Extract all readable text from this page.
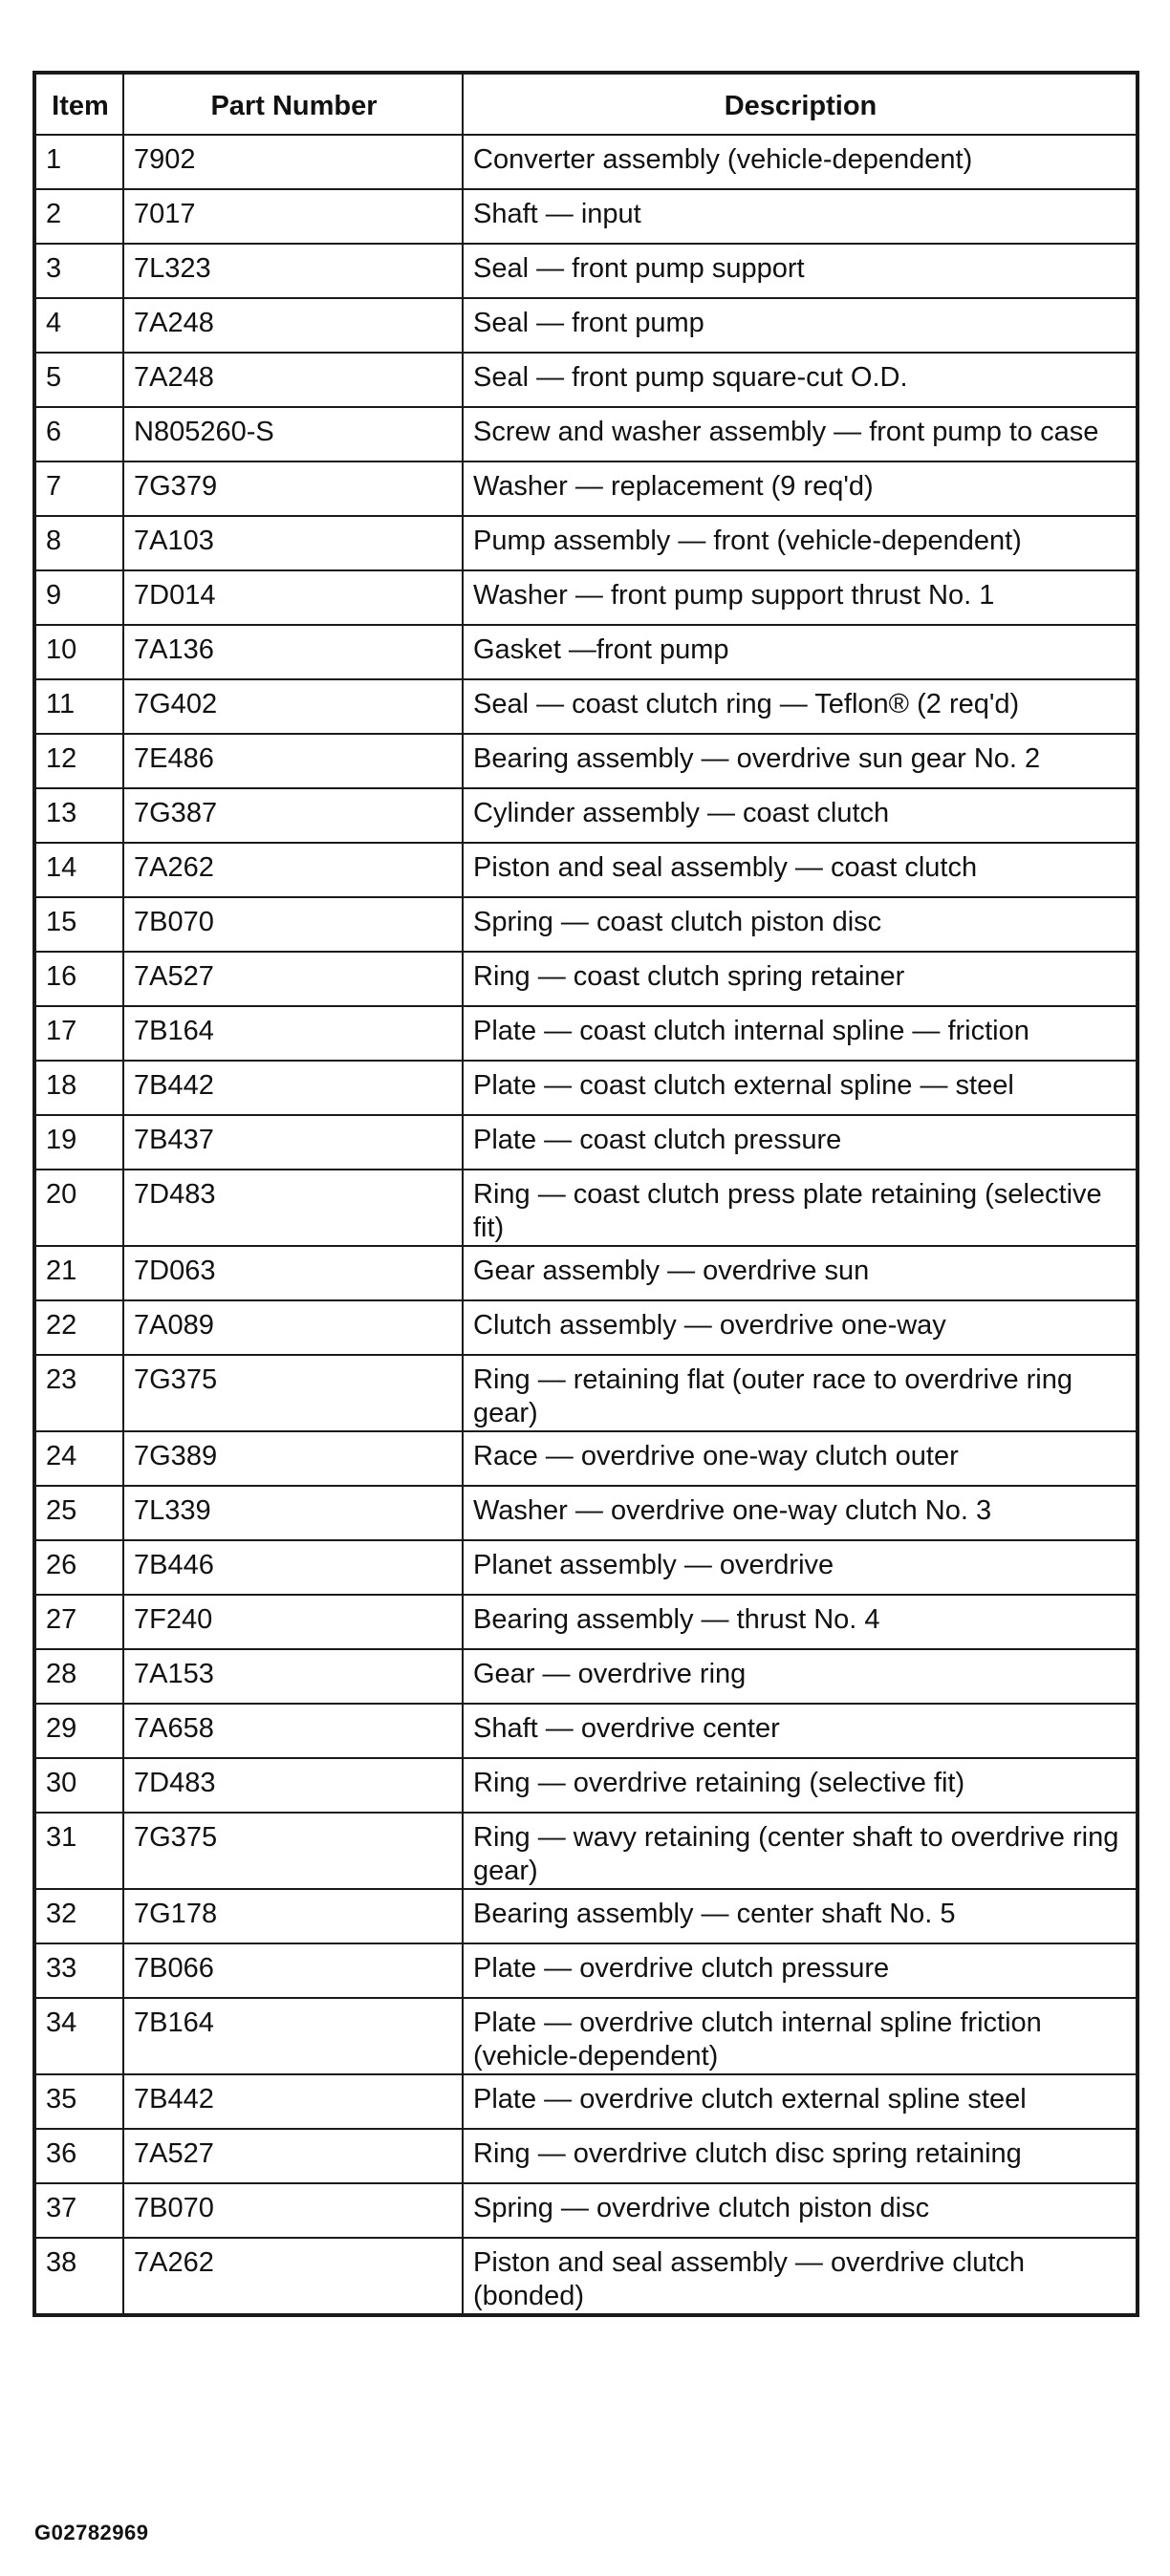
Item	Part Number	Description
1	7902	Converter assembly (vehicle-dependent)
2	7017	Shaft — input
3	7L323	Seal — front pump support
4	7A248	Seal — front pump
5	7A248	Seal — front pump square-cut O.D.
6	N805260-S	Screw and washer assembly — front pump to case
7	7G379	Washer — replacement (9 req'd)
8	7A103	Pump assembly — front (vehicle-dependent)
9	7D014	Washer — front pump support thrust No. 1
10	7A136	Gasket —front pump
11	7G402	Seal — coast clutch ring — Teflon® (2 req'd)
12	7E486	Bearing assembly — overdrive sun gear No. 2
13	7G387	Cylinder assembly — coast clutch
14	7A262	Piston and seal assembly — coast clutch
15	7B070	Spring — coast clutch piston disc
16	7A527	Ring — coast clutch spring retainer
17	7B164	Plate — coast clutch internal spline — friction
18	7B442	Plate — coast clutch external spline — steel
19	7B437	Plate — coast clutch pressure
20	7D483	Ring — coast clutch press plate retaining (selective fit)
21	7D063	Gear assembly — overdrive sun
22	7A089	Clutch assembly — overdrive one-way
23	7G375	Ring — retaining flat (outer race to overdrive ring gear)
24	7G389	Race — overdrive one-way clutch outer
25	7L339	Washer — overdrive one-way clutch No. 3
26	7B446	Planet assembly — overdrive
27	7F240	Bearing assembly — thrust No. 4
28	7A153	Gear — overdrive ring
29	7A658	Shaft — overdrive center
30	7D483	Ring — overdrive retaining (selective fit)
31	7G375	Ring — wavy retaining (center shaft to overdrive ring gear)
32	7G178	Bearing assembly — center shaft No. 5
33	7B066	Plate — overdrive clutch pressure
34	7B164	Plate — overdrive clutch internal spline friction (vehicle-dependent)
35	7B442	Plate — overdrive clutch external spline steel
36	7A527	Ring — overdrive clutch disc spring retaining
37	7B070	Spring — overdrive clutch piston disc
38	7A262	Piston and seal assembly — overdrive clutch (bonded)
G02782969
